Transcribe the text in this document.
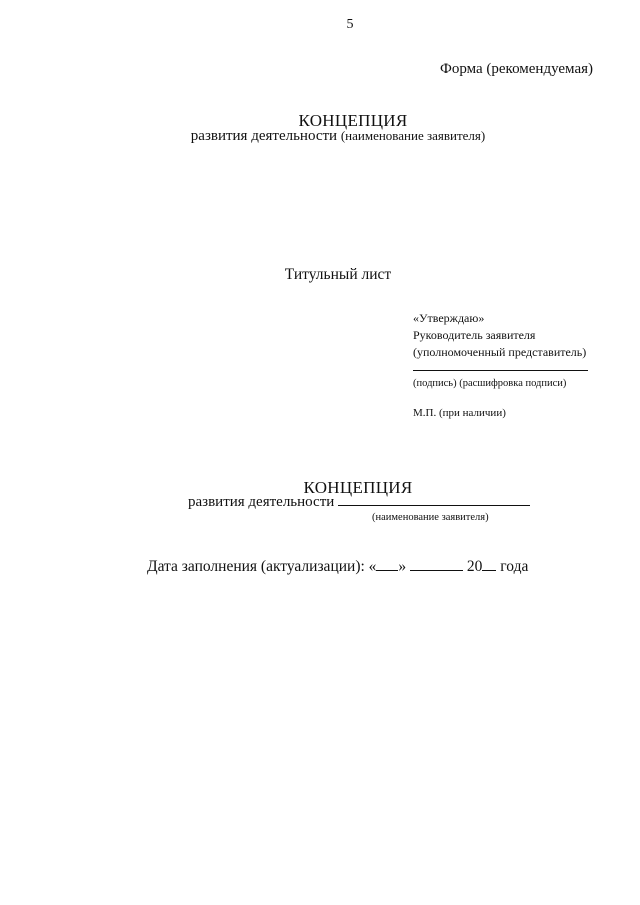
5
Форма (рекомендуемая)
КОНЦЕПЦИЯ
развития деятельности (наименование заявителя)
Титульный лист
«Утверждаю»
Руководитель заявителя
(уполномоченный представитель)
(подпись) (расшифровка подписи)
М.П. (при наличии)
КОНЦЕПЦИЯ
развития деятельности
(наименование заявителя)
Дата заполнения (актуализации): « »	20 года
